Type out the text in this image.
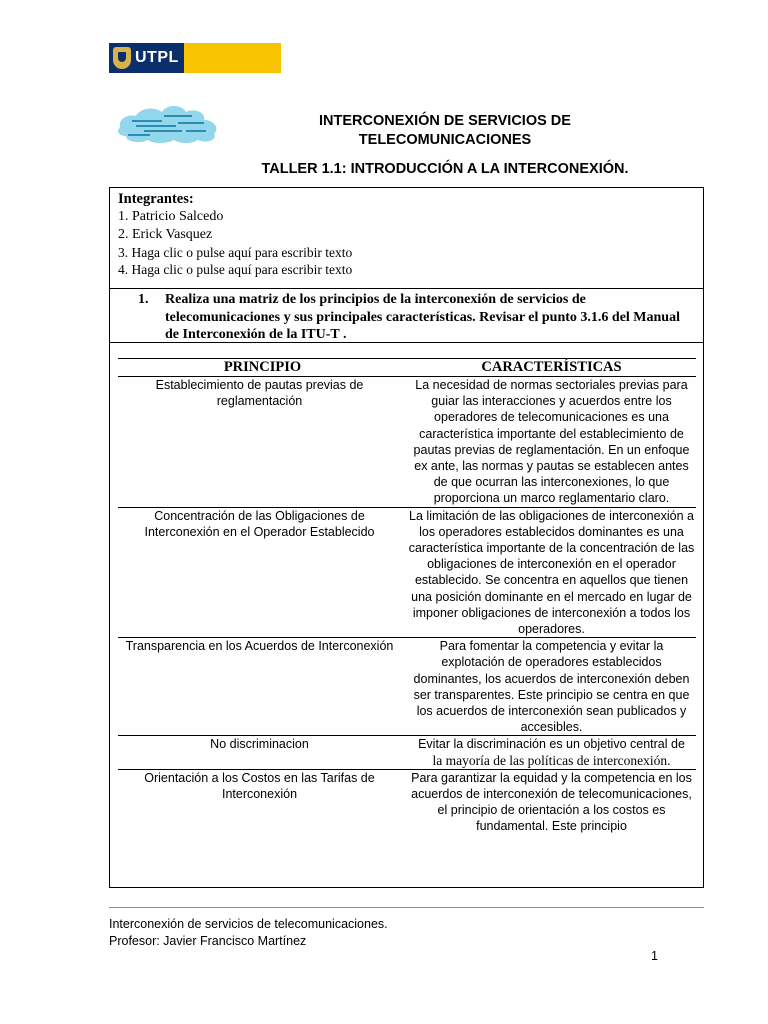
UTPL
INTERCONEXIÓN DE SERVICIOS DE
TELECOMUNICACIONES
TALLER 1.1: INTRODUCCIÓN A LA INTERCONEXIÓN.
Integrantes:
1. Patricio Salcedo
2. Erick Vasquez
3. Haga clic o pulse aquí para escribir texto
4. Haga clic o pulse aquí para escribir texto
1. Realiza una matriz de los principios de la interconexión de servicios de telecomunicaciones y sus principales características. Revisar el punto 3.1.6 del Manual de Interconexión de la ITU-T .
PRINCIPIO	CARACTERÍSTICAS
Establecimiento de pautas previas de reglamentación	La necesidad de normas sectoriales previas para guiar las interacciones y acuerdos entre los operadores de telecomunicaciones es una característica importante del establecimiento de pautas previas de reglamentación. En un enfoque ex ante, las normas y pautas se establecen antes de que ocurran las interconexiones, lo que proporciona un marco reglamentario claro.
Concentración de las Obligaciones de Interconexión en el Operador Establecido	La limitación de las obligaciones de interconexión a los operadores establecidos dominantes es una característica importante de la concentración de las obligaciones de interconexión en el operador establecido. Se concentra en aquellos que tienen una posición dominante en el mercado en lugar de imponer obligaciones de interconexión a todos los operadores.
Transparencia en los Acuerdos de Interconexión	Para fomentar la competencia y evitar la explotación de operadores establecidos dominantes, los acuerdos de interconexión deben ser transparentes. Este principio se centra en que los acuerdos de interconexión sean publicados y accesibles.
No discriminacion	Evitar la discriminación es un objetivo central de
la mayoría de las políticas de interconexión.

Orientación a los Costos en las Tarifas de Interconexión	Para garantizar la equidad y la competencia en los acuerdos de interconexión de telecomunicaciones, el principio de orientación a los costos es fundamental. Este principio
Interconexión de servicios de telecomunicaciones.
Profesor: Javier Francisco Martínez
1
